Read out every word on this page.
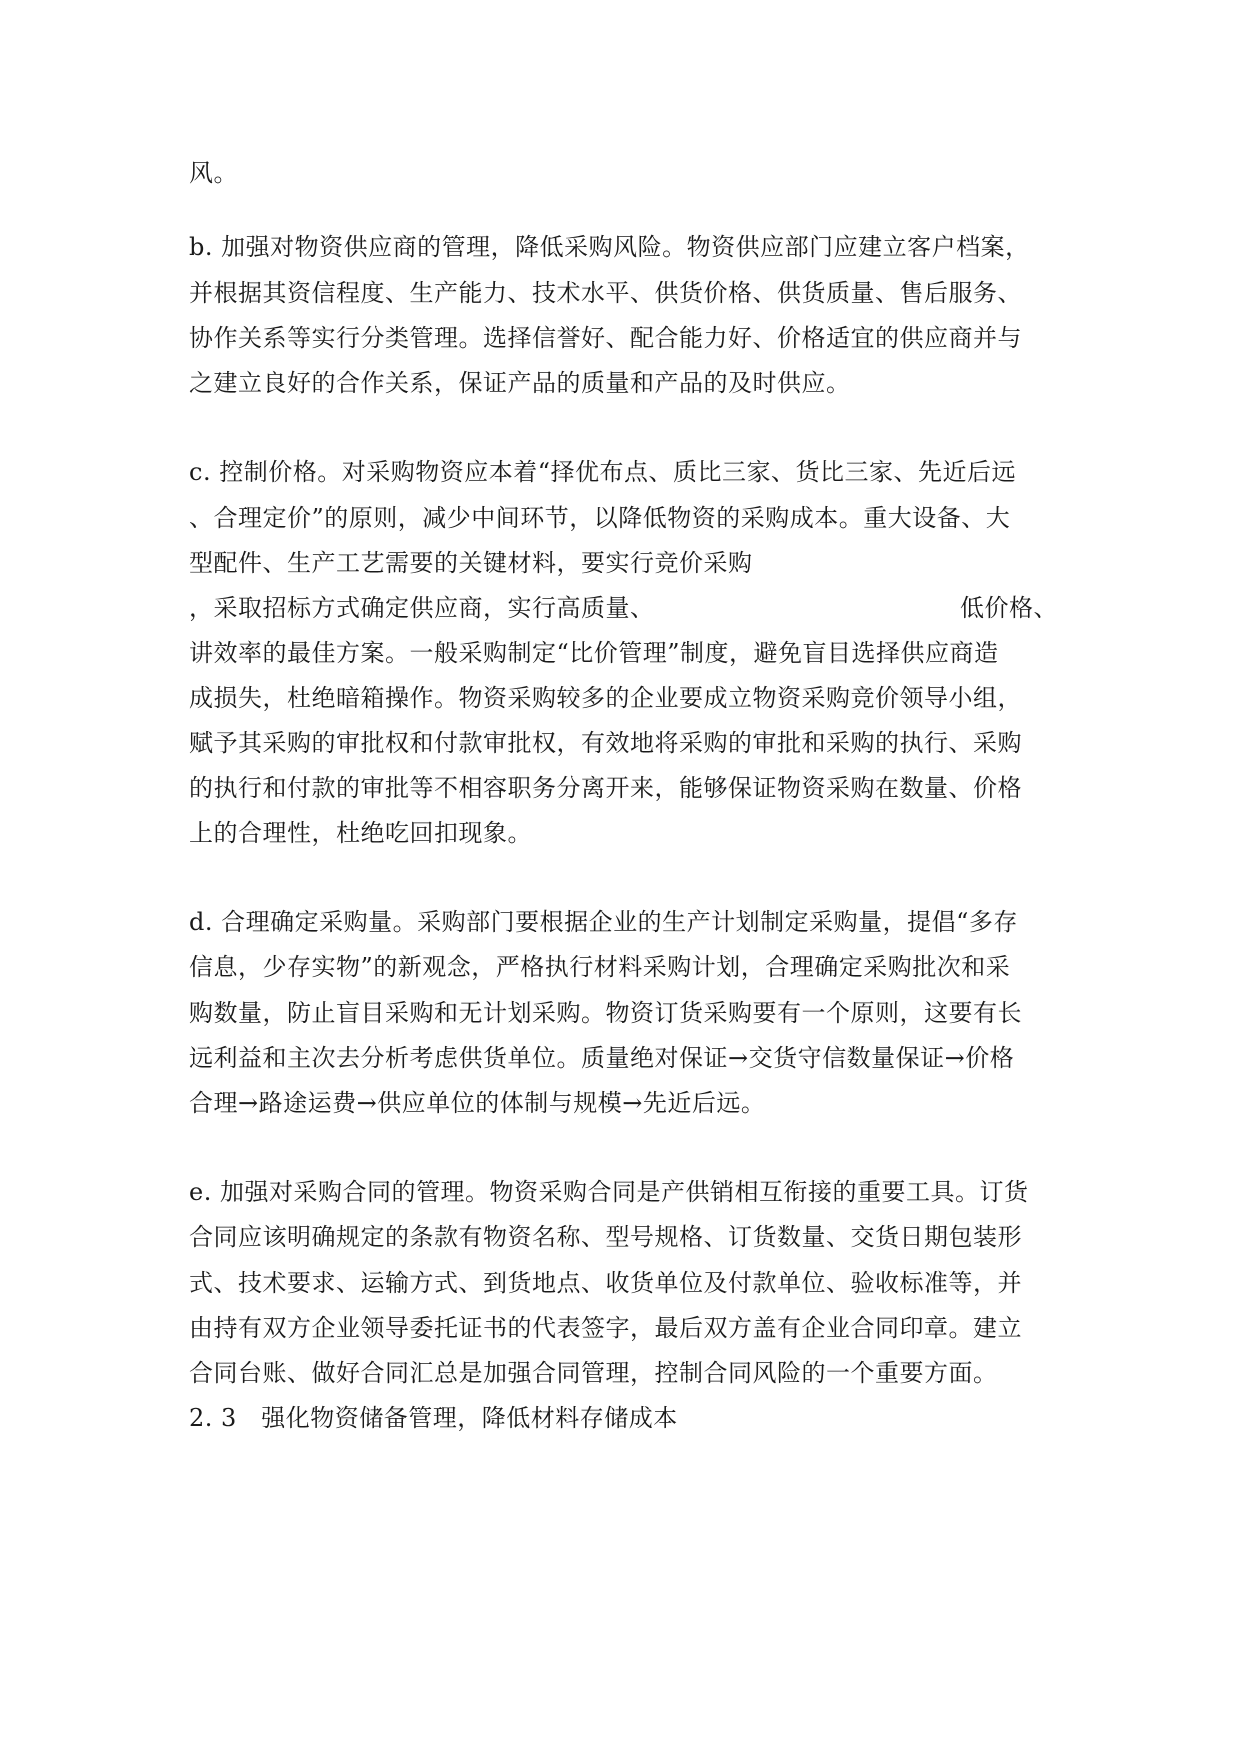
风。
b. 加强对物资供应商的管理，降低采购风险。物资供应部门应建立客户档案，
并根据其资信程度、生产能力、技术水平、供货价格、供货质量、售后服务、
协作关系等实行分类管理。选择信誉好、配合能力好、价格适宜的供应商并与
之建立良好的合作关系，保证产品的质量和产品的及时供应。
c. 控制价格。对采购物资应本着“择优布点、质比三家、货比三家、先近后远
、合理定价”的原则，减少中间环节，以降低物资的采购成本。重大设备、大
型配件、生产工艺需要的关键材料，要实行竞价采购
，采取招标方式确定供应商，实行高质量、	低价格、
讲效率的最佳方案。一般采购制定“比价管理”制度，避免盲目选择供应商造
成损失，杜绝暗箱操作。物资采购较多的企业要成立物资采购竞价领导小组，
赋予其采购的审批权和付款审批权，有效地将采购的审批和采购的执行、采购
的执行和付款的审批等不相容职务分离开来，能够保证物资采购在数量、价格
上的合理性，杜绝吃回扣现象。
d. 合理确定采购量。采购部门要根据企业的生产计划制定采购量，提倡“多存
信息，少存实物”的新观念，严格执行材料采购计划，合理确定采购批次和采
购数量，防止盲目采购和无计划采购。物资订货采购要有一个原则，这要有长
远利益和主次去分析考虑供货单位。质量绝对保证→交货守信数量保证→价格
合理→路途运费→供应单位的体制与规模→先近后远。
e. 加强对采购合同的管理。物资采购合同是产供销相互衔接的重要工具。订货
合同应该明确规定的条款有物资名称、型号规格、订货数量、交货日期包装形
式、技术要求、运输方式、到货地点、收货单位及付款单位、验收标准等，并
由持有双方企业领导委托证书的代表签字，最后双方盖有企业合同印章。建立
合同台账、做好合同汇总是加强合同管理，控制合同风险的一个重要方面。
2. 3　强化物资储备管理，降低材料存储成本
